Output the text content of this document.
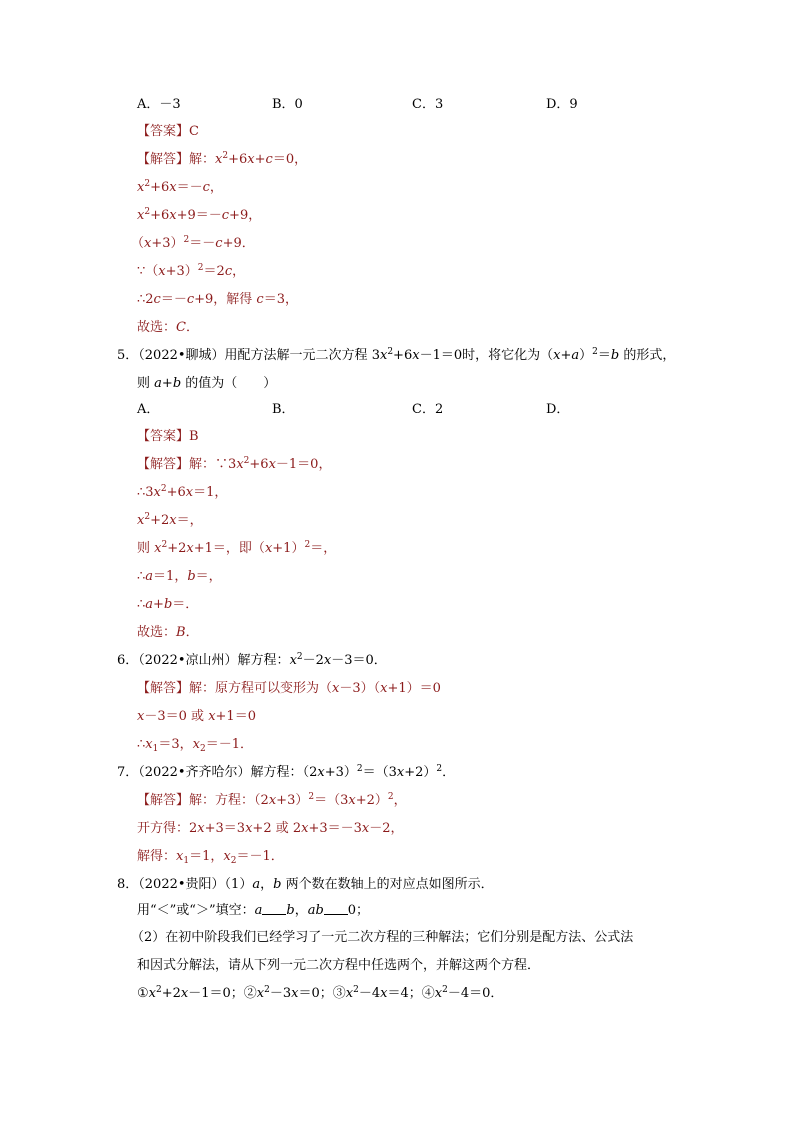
A．－3	B．0	C．3	D．9
【答案】C
【解答】解：$x^2+6x+c=0$，
$x^2+6x=-c$，
$x^2+6x+9=-c+9$，
$(x+3)^2=-c+9$．
$\because(x+3)^2=2c$，
∴2c＝－c+9，解得 c＝3，
故选：C．
5．（2022•聊城）用配方法解一元二次方程 $3x^2+6x-1=0$时，将它化为$(x+a)^2=b$ 的形式，
则 a+b 的值为（　　）
A．	B．	C．2	D．
【答案】B
【解答】解：$\because 3x^2+6x-1=0$，
$\therefore 3x^2+6x=1$，
$x^2+2x=$，
则 $x^2+2x+1=$，即$(x+1)^2=$，
∴a＝1，b＝，
∴a+b＝．
故选：B．
6．（2022•凉山州）解方程：$x^2-2x-3=0$．
【解答】解：原方程可以变形为（x－3）（x+1）＝0
x－3＝0 或 x+1＝0
$\therefore x_1=3$，$x_2=-1$．
7．（2022•齐齐哈尔）解方程：$(2x+3)^2=(3x+2)^2$．
【解答】解：方程：$(2x+3)^2=(3x+2)^2$，
开方得：2x+3＝3x+2 或 2x+3＝－3x－2，
解得：$x_1=1$，$x_2=-1$．
8．（2022•贵阳）（1）a，b 两个数在数轴上的对应点如图所示．
用“＜”或“＞”填空：a b，ab 0；
（2）在初中阶段我们已经学习了一元二次方程的三种解法；它们分别是配方法、公式法
和因式分解法，请从下列一元二次方程中任选两个，并解这两个方程．
$①x^2+2x-1=0$；$②x^2-3x=0$；$③x^2-4x=4$；$④x^2-4=0$．
